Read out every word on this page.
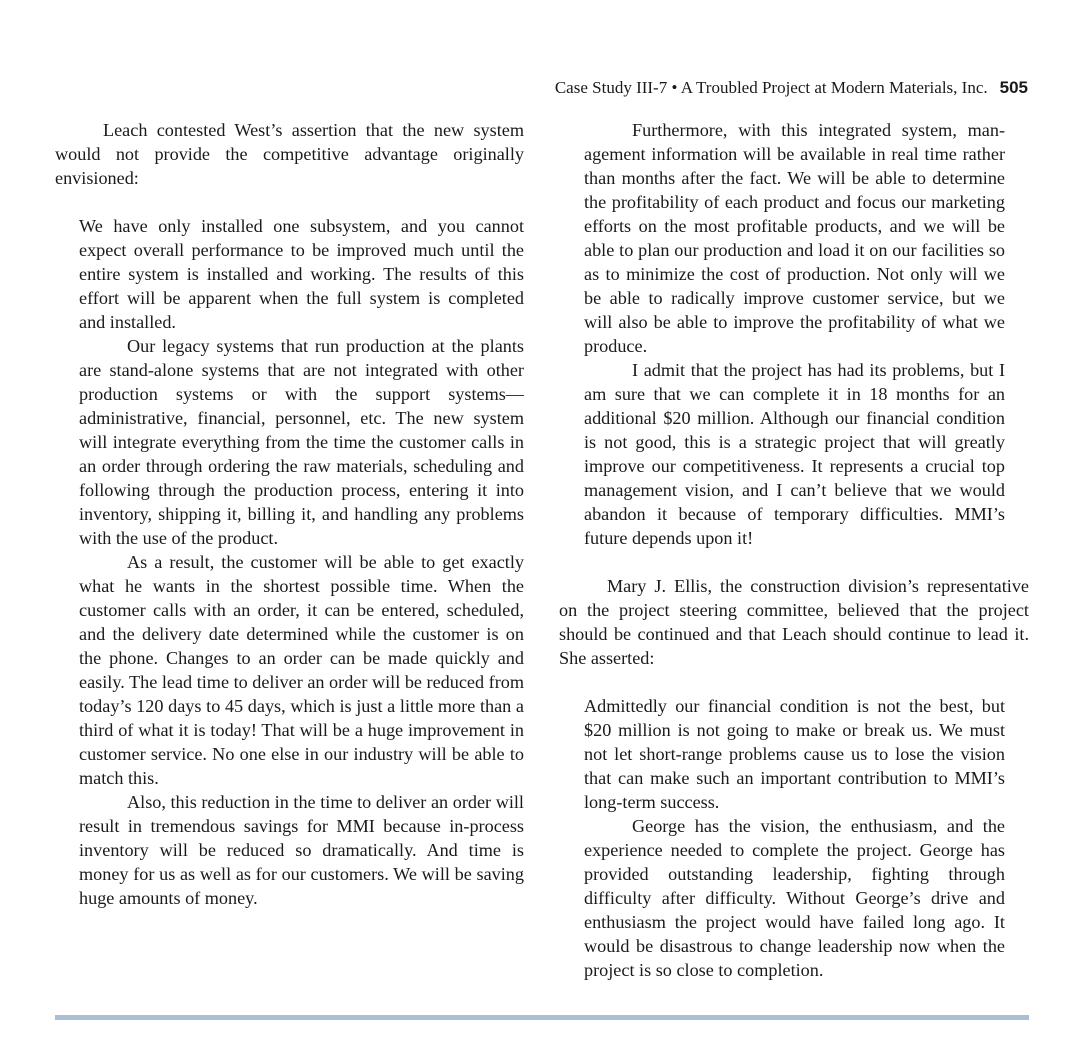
Case Study III-7 • A Troubled Project at Modern Materials, Inc. 505

Leach contested West’s assertion that the new system would not provide the competitive advantage originally envisioned:

We have only installed one subsystem, and you cannot expect overall performance to be improved much until the entire system is installed and working. The results of this effort will be apparent when the full system is completed and installed.

Our legacy systems that run production at the plants are stand-alone systems that are not integrated with other production systems or with the support systems—administrative, financial, personnel, etc. The new system will integrate everything from the time the customer calls in an order through ordering the raw materials, scheduling and following through the production process, entering it into inventory, shipping it, billing it, and handling any problems with the use of the product.

As a result, the customer will be able to get exactly what he wants in the shortest possible time. When the customer calls with an order, it can be entered, scheduled, and the delivery date determined while the customer is on the phone. Changes to an order can be made quickly and easily. The lead time to deliver an order will be reduced from today’s 120 days to 45 days, which is just a little more than a third of what it is today! That will be a huge improvement in customer service. No one else in our industry will be able to match this.

Also, this reduction in the time to deliver an order will result in tremendous savings for MMI because in-process inventory will be reduced so dramatically. And time is money for us as well as for our customers. We will be saving huge amounts of money.

Furthermore, with this integrated system, management information will be available in real time rather than months after the fact. We will be able to determine the profitability of each product and focus our marketing efforts on the most profitable products, and we will be able to plan our production and load it on our facilities so as to minimize the cost of production. Not only will we be able to radically improve customer service, but we will also be able to improve the profitability of what we produce.

I admit that the project has had its problems, but I am sure that we can complete it in 18 months for an additional $20 million. Although our financial condition is not good, this is a strategic project that will greatly improve our competitiveness. It represents a crucial top management vision, and I can’t believe that we would abandon it because of temporary difficulties. MMI’s future depends upon it!

Mary J. Ellis, the construction division’s representative on the project steering committee, believed that the project should be continued and that Leach should continue to lead it. She asserted:

Admittedly our financial condition is not the best, but $20 million is not going to make or break us. We must not let short-range problems cause us to lose the vision that can make such an important contribution to MMI’s long-term success.

George has the vision, the enthusiasm, and the experience needed to complete the project. George has provided outstanding leadership, fighting through difficulty after difficulty. Without George’s drive and enthusiasm the project would have failed long ago. It would be disastrous to change leadership now when the project is so close to completion.
